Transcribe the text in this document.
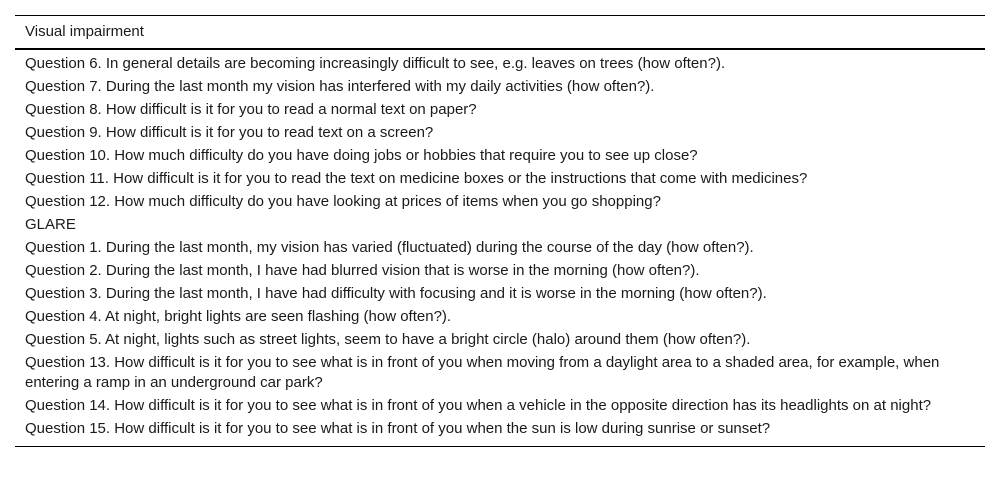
Visual impairment
Question 6. In general details are becoming increasingly difficult to see, e.g. leaves on trees (how often?).
Question 7. During the last month my vision has interfered with my daily activities (how often?).
Question 8. How difficult is it for you to read a normal text on paper?
Question 9. How difficult is it for you to read text on a screen?
Question 10. How much difficulty do you have doing jobs or hobbies that require you to see up close?
Question 11. How difficult is it for you to read the text on medicine boxes or the instructions that come with medicines?
Question 12. How much difficulty do you have looking at prices of items when you go shopping?
GLARE
Question 1. During the last month, my vision has varied (fluctuated) during the course of the day (how often?).
Question 2. During the last month, I have had blurred vision that is worse in the morning (how often?).
Question 3. During the last month, I have had difficulty with focusing and it is worse in the morning (how often?).
Question 4. At night, bright lights are seen flashing (how often?).
Question 5. At night, lights such as street lights, seem to have a bright circle (halo) around them (how often?).
Question 13. How difficult is it for you to see what is in front of you when moving from a daylight area to a shaded area, for example, when entering a ramp in an underground car park?
Question 14. How difficult is it for you to see what is in front of you when a vehicle in the opposite direction has its headlights on at night?
Question 15. How difficult is it for you to see what is in front of you when the sun is low during sunrise or sunset?
